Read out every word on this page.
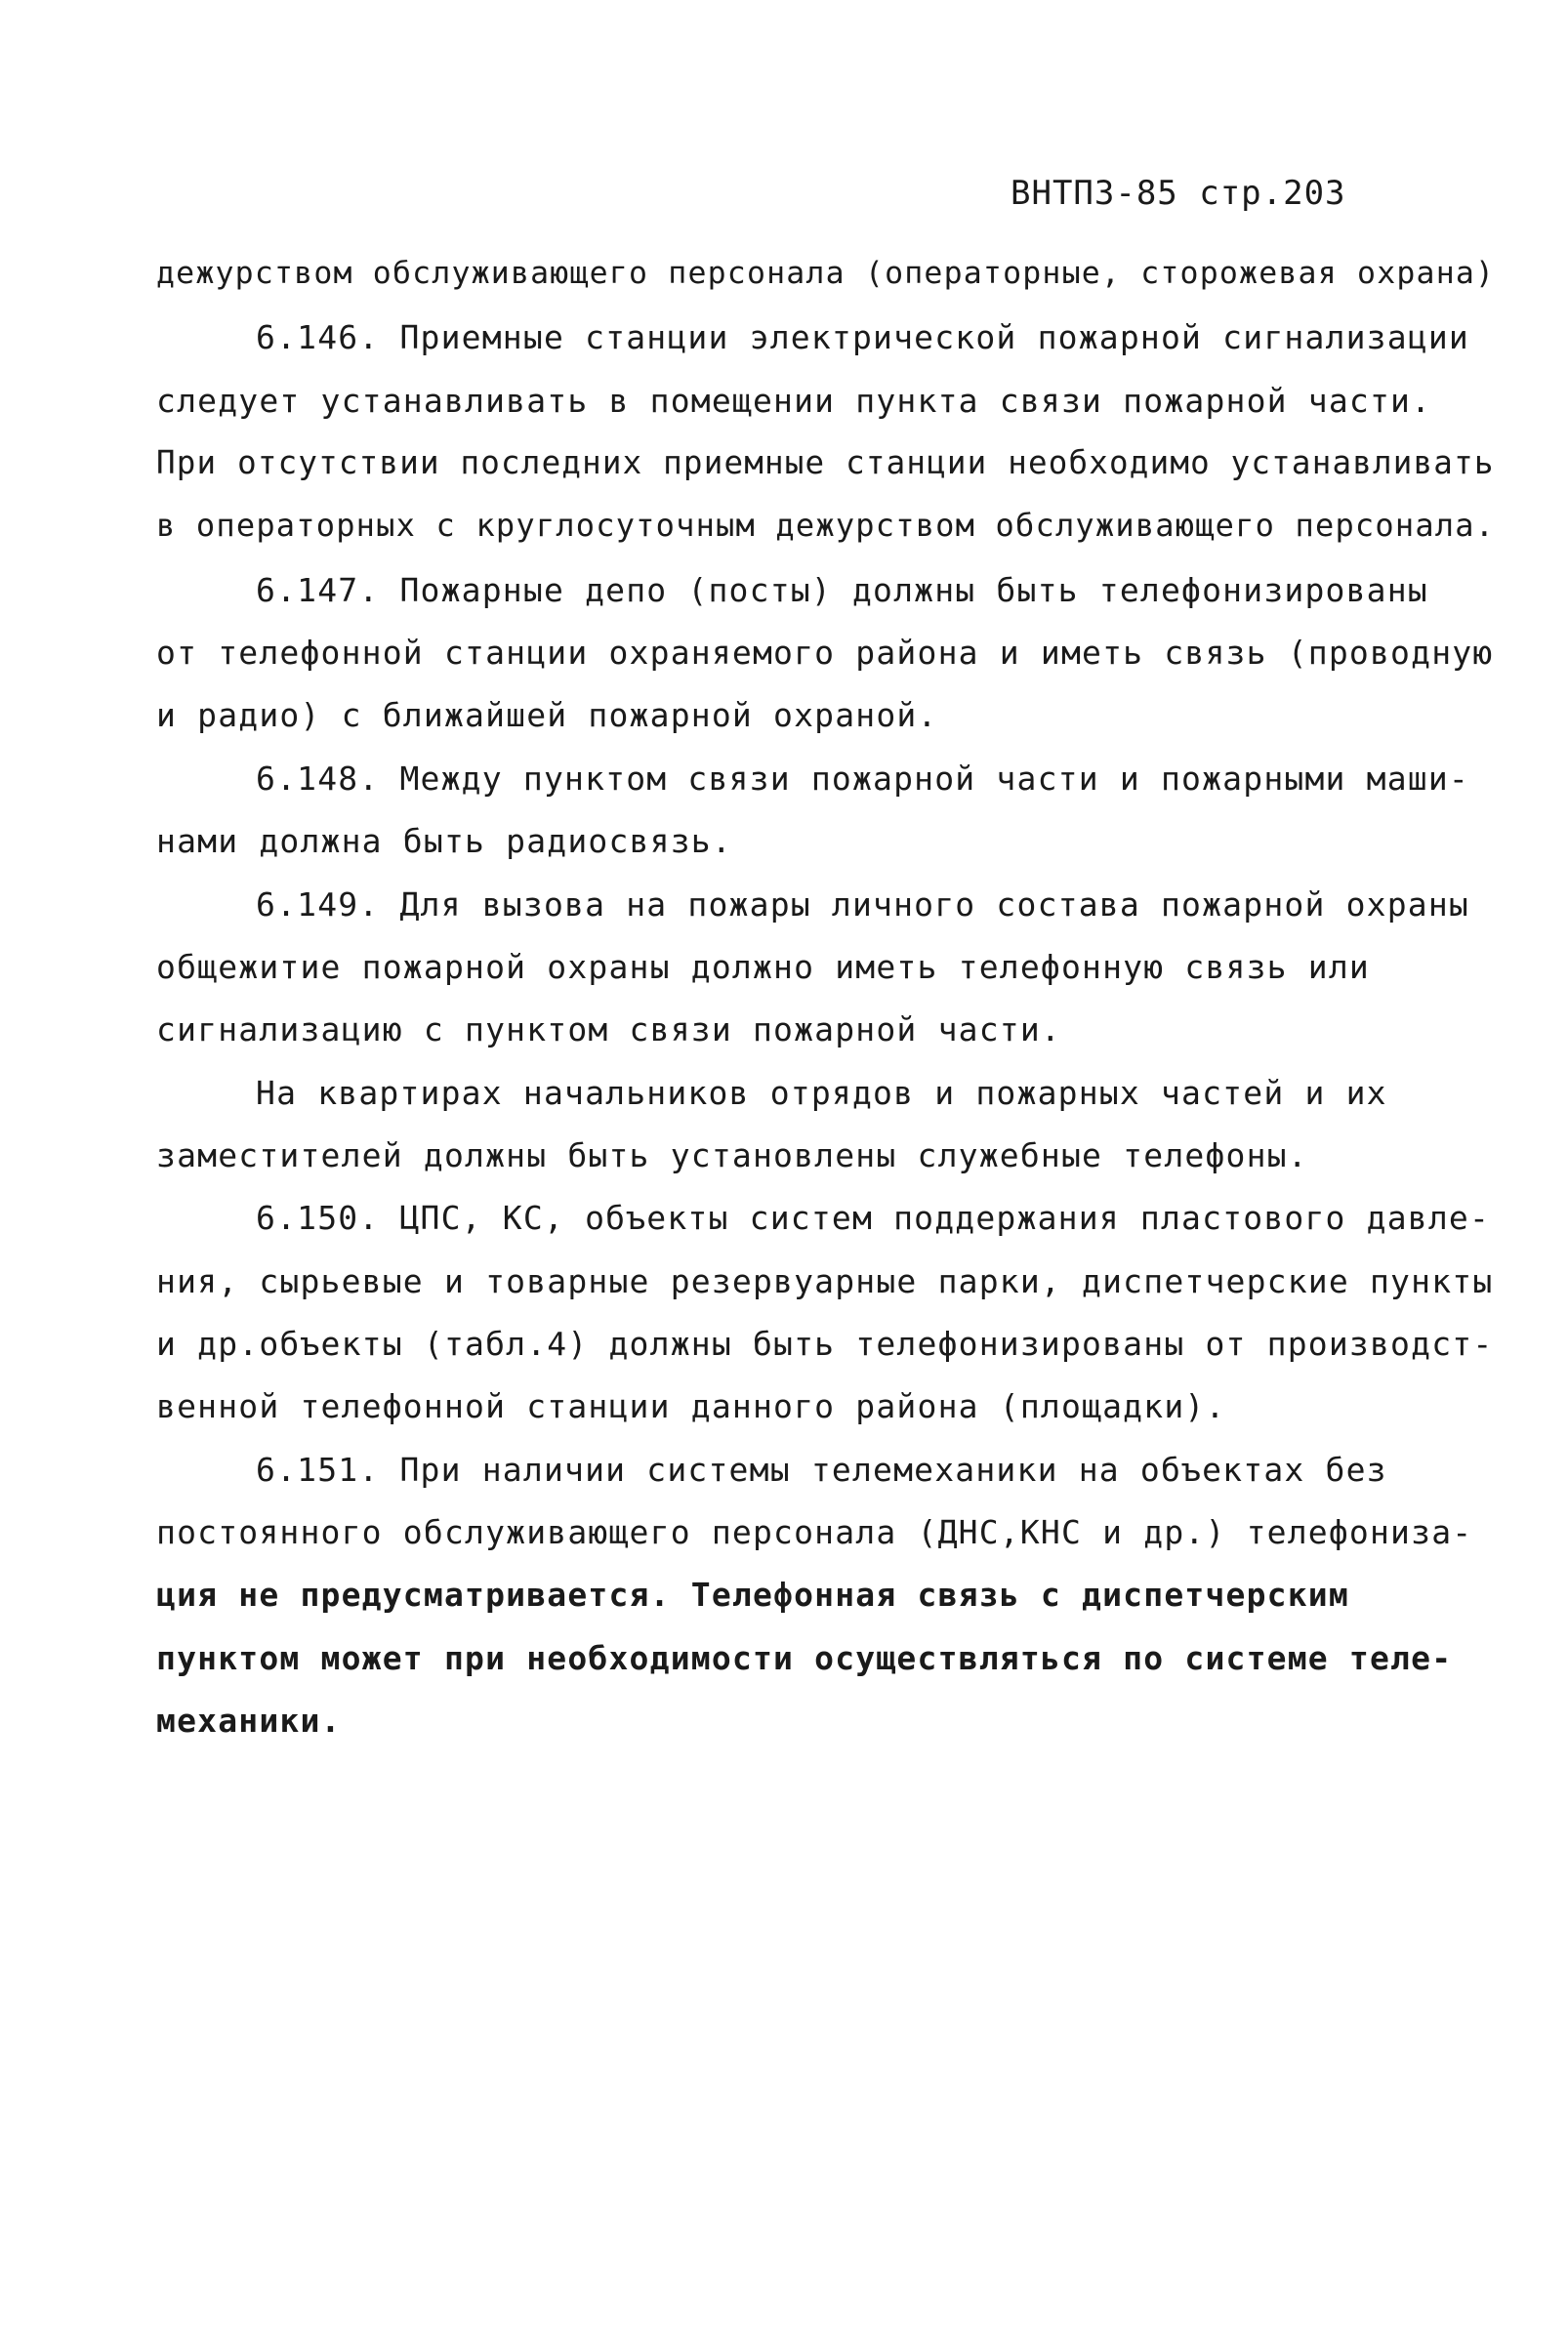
ВНТПЗ-85 стр.203
дежурством обслуживающего персонала (операторные, сторожевая охрана)
6.146. Приемные станции электрической пожарной сигнализации
следует устанавливать в помещении пункта связи пожарной части.
При отсутствии последних приемные станции необходимо устанавливать
в операторных с круглосуточным дежурством обслуживающего персонала.
6.147. Пожарные депо (посты) должны быть телефонизированы
от телефонной станции охраняемого района и иметь связь (проводную
и радио) с ближайшей пожарной охраной.
6.148. Между пунктом связи пожарной части и пожарными маши-
нами должна быть радиосвязь.
6.149. Для вызова на пожары личного состава пожарной охраны
общежитие пожарной охраны должно иметь телефонную связь или
сигнализацию с пунктом связи пожарной части.
На квартирах начальников отрядов и пожарных частей и их
заместителей должны быть установлены служебные телефоны.
6.150. ЦПС, КС, объекты систем поддержания пластового давле-
ния, сырьевые и товарные резервуарные парки, диспетчерские пункты
и др.объекты (табл.4) должны быть телефонизированы от производст-
венной телефонной станции данного района (площадки).
6.151. При наличии системы телемеханики на объектах без
постоянного обслуживающего персонала (ДНС,КНС и др.) телефониза-
ция не предусматривается. Телефонная связь с диспетчерским
пунктом может при необходимости осуществляться по системе теле-
механики.
